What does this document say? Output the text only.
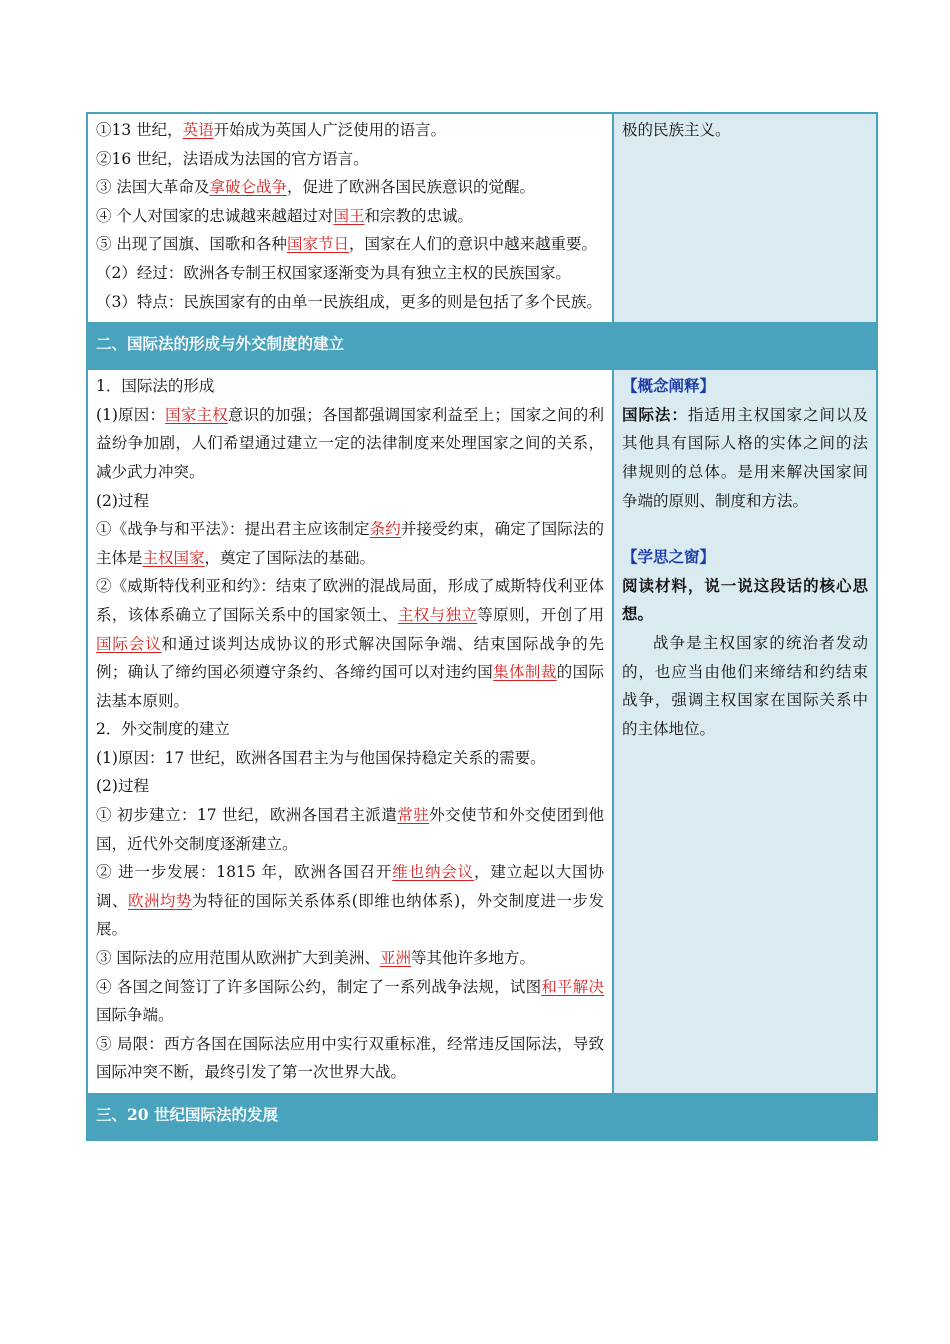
①13 世纪，英语开始成为英国人广泛使用的语言。

②16 世纪，法语成为法国的官方语言。

③ 法国大革命及拿破仑战争，促进了欧洲各国民族意识的觉醒。

④ 个人对国家的忠诚越来越超过对国王和宗教的忠诚。

⑤ 出现了国旗、国歌和各种国家节日，国家在人们的意识中越来越重要。

（2）经过：欧洲各专制王权国家逐渐变为具有独立主权的民族国家。

（3）特点：民族国家有的由单一民族组成，更多的则是包括了多个民族。

极的民族主义。

二、国际法的形成与外交制度的建立

1．国际法的形成

(1)原因：国家主权意识的加强；各国都强调国家利益至上；国家之间的利益纷争加剧，人们希望通过建立一定的法律制度来处理国家之间的关系，减少武力冲突。

(2)过程

①《战争与和平法》：提出君主应该制定条约并接受约束，确定了国际法的主体是主权国家，奠定了国际法的基础。

②《威斯特伐利亚和约》：结束了欧洲的混战局面，形成了威斯特伐利亚体系，该体系确立了国际关系中的国家领土、主权与独立等原则，开创了用国际会议和通过谈判达成协议的形式解决国际争端、结束国际战争的先例；确认了缔约国必须遵守条约、各缔约国可以对违约国集体制裁的国际法基本原则。

2．外交制度的建立

(1)原因：17 世纪，欧洲各国君主为与他国保持稳定关系的需要。

(2)过程

① 初步建立：17 世纪，欧洲各国君主派遣常驻外交使节和外交使团到他国，近代外交制度逐渐建立。

② 进一步发展：1815 年，欧洲各国召开维也纳会议，建立起以大国协调、欧洲均势为特征的国际关系体系(即维也纳体系)，外交制度进一步发展。

③ 国际法的应用范围从欧洲扩大到美洲、亚洲等其他许多地方。

④ 各国之间签订了许多国际公约，制定了一系列战争法规，试图和平解决国际争端。

⑤ 局限：西方各国在国际法应用中实行双重标准，经常违反国际法，导致国际冲突不断，最终引发了第一次世界大战。

【概念阐释】

国际法：指适用主权国家之间以及其他具有国际人格的实体之间的法律规则的总体。是用来解决国家间争端的原则、制度和方法。

【学思之窗】

阅读材料，说一说这段话的核心思想。

战争是主权国家的统治者发动的，也应当由他们来缔结和约结束战争，强调主权国家在国际关系中的主体地位。

三、20 世纪国际法的发展
